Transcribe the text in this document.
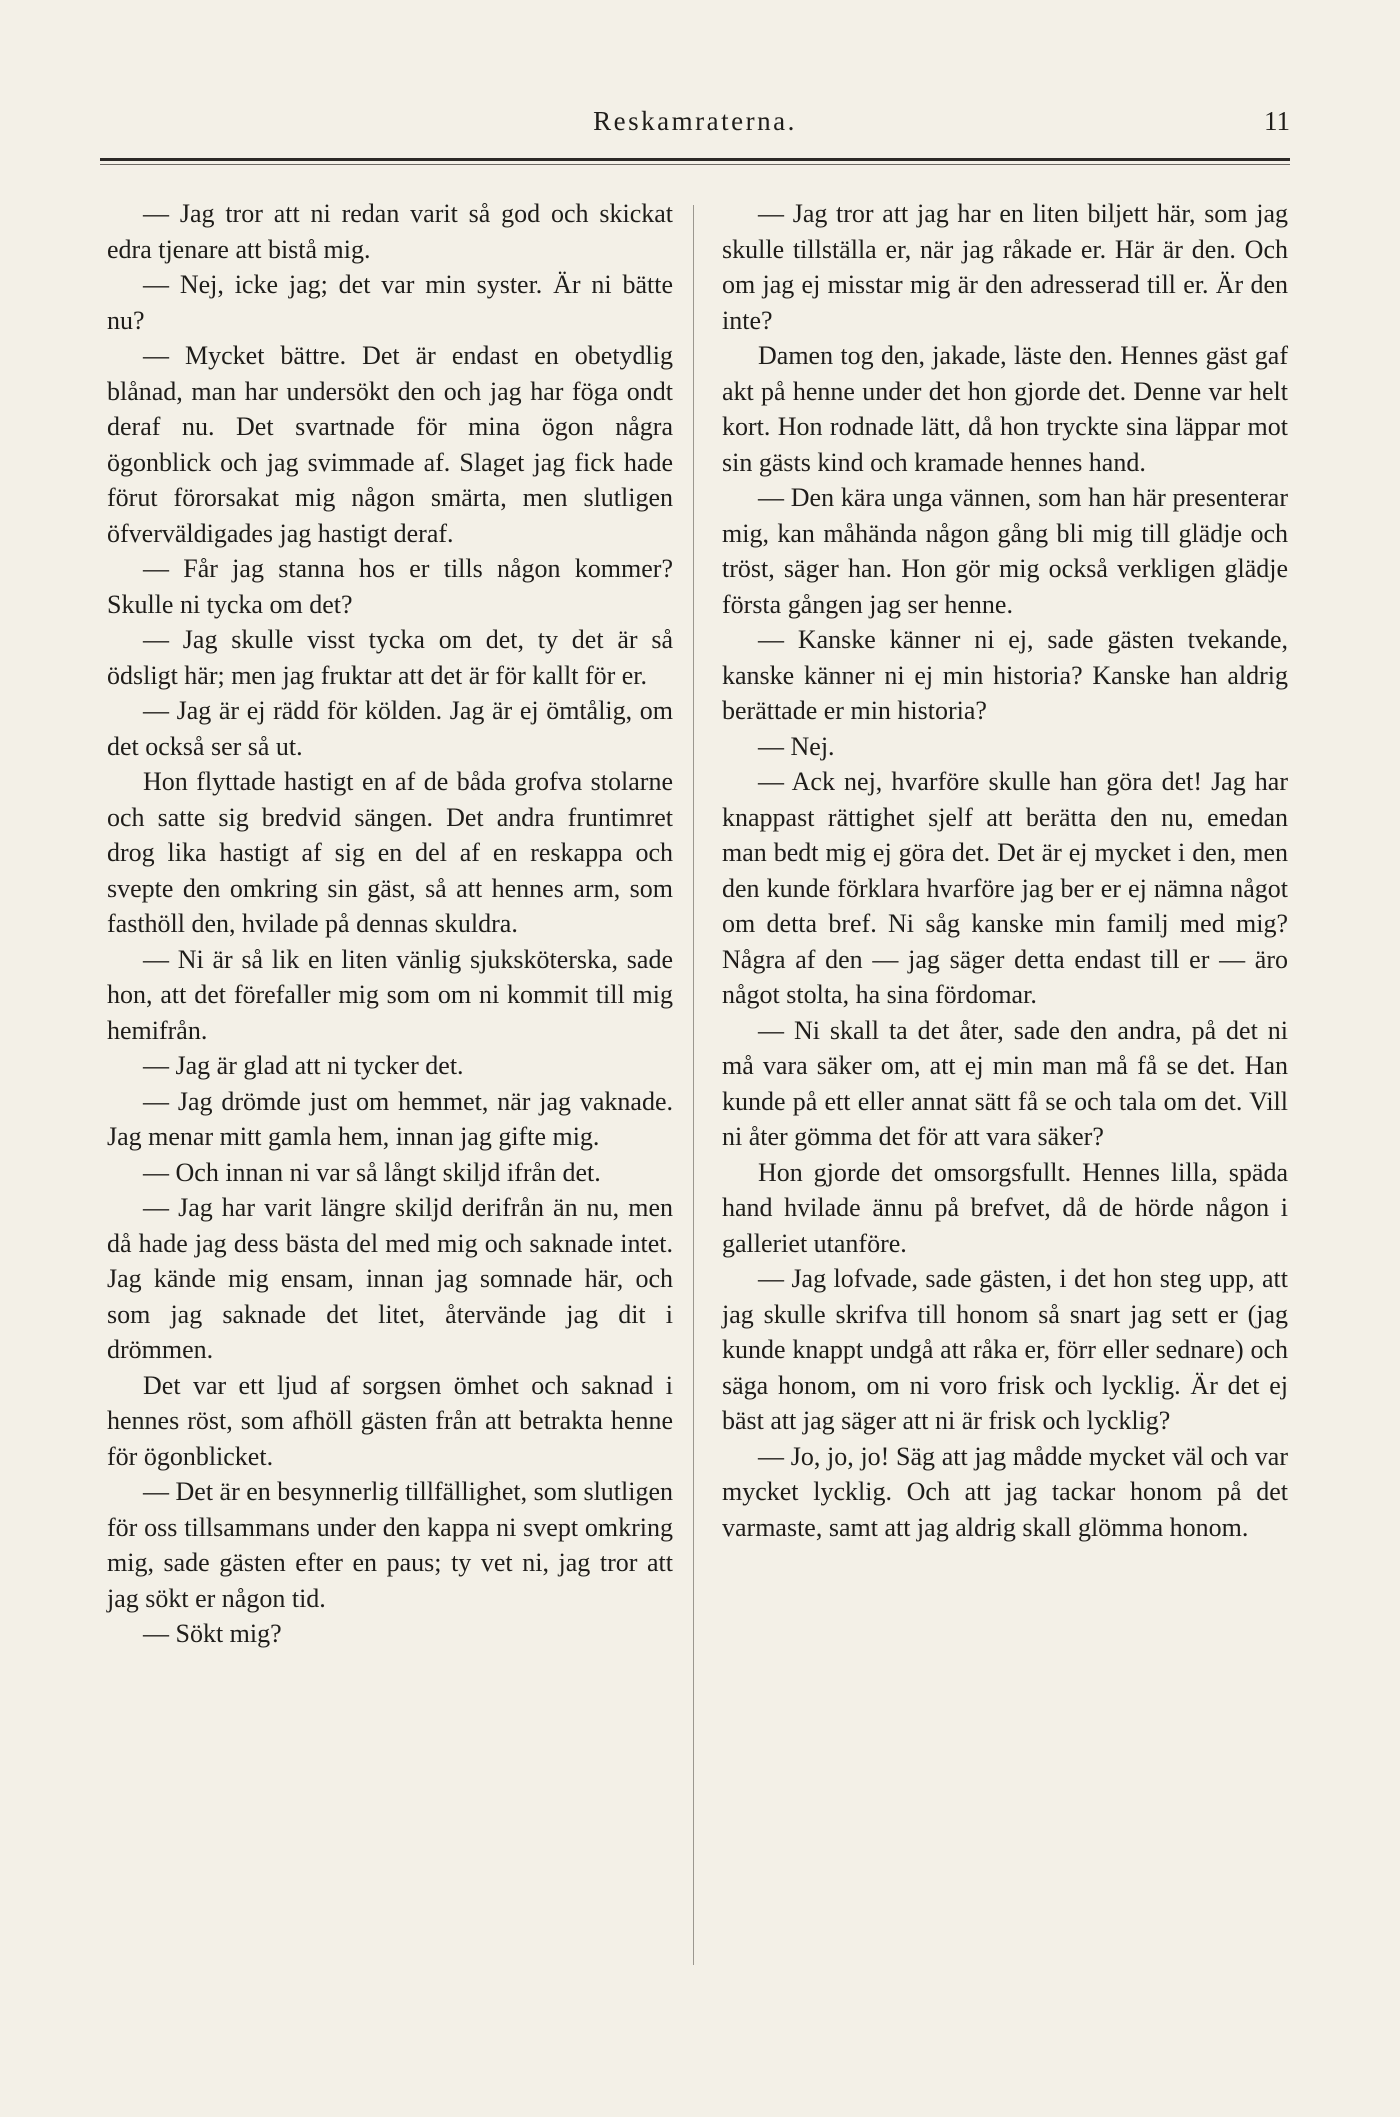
Reskamraterna.	11

— Jag tror att ni redan varit så god och skickat edra tjenare att bistå mig.

— Nej, icke jag; det var min syster. Är ni bätte nu?

— Mycket bättre. Det är endast en obetydlig blånad, man har undersökt den och jag har föga ondt deraf nu. Det svartnade för mina ögon några ögonblick och jag svimmade af. Slaget jag fick hade förut förorsakat mig någon smärta, men slutligen öfverväldigades jag hastigt deraf.

— Får jag stanna hos er tills någon kommer? Skulle ni tycka om det?

— Jag skulle visst tycka om det, ty det är så ödsligt här; men jag fruktar att det är för kallt för er.

— Jag är ej rädd för kölden. Jag är ej ömtålig, om det också ser så ut.

Hon flyttade hastigt en af de båda grofva stolarne och satte sig bredvid sängen. Det andra fruntimret drog lika hastigt af sig en del af en reskappa och svepte den omkring sin gäst, så att hennes arm, som fasthöll den, hvilade på dennas skuldra.

— Ni är så lik en liten vänlig sjuksköterska, sade hon, att det förefaller mig som om ni kommit till mig hemifrån.

— Jag är glad att ni tycker det.

— Jag drömde just om hemmet, när jag vaknade. Jag menar mitt gamla hem, innan jag gifte mig.

— Och innan ni var så långt skiljd ifrån det.

— Jag har varit längre skiljd derifrån än nu, men då hade jag dess bästa del med mig och saknade intet. Jag kände mig ensam, innan jag somnade här, och som jag saknade det litet, återvände jag dit i drömmen.

Det var ett ljud af sorgsen ömhet och saknad i hennes röst, som afhöll gästen från att betrakta henne för ögonblicket.

— Det är en besynnerlig tillfällighet, som slutligen för oss tillsammans under den kappa ni svept omkring mig, sade gästen efter en paus; ty vet ni, jag tror att jag sökt er någon tid.

— Sökt mig?

— Jag tror att jag har en liten biljett här, som jag skulle tillställa er, när jag råkade er. Här är den. Och om jag ej misstar mig är den adresserad till er. Är den inte?

Damen tog den, jakade, läste den. Hennes gäst gaf akt på henne under det hon gjorde det. Denne var helt kort. Hon rodnade lätt, då hon tryckte sina läppar mot sin gästs kind och kramade hennes hand.

— Den kära unga vännen, som han här presenterar mig, kan måhända någon gång bli mig till glädje och tröst, säger han. Hon gör mig också verkligen glädje första gången jag ser henne.

— Kanske känner ni ej, sade gästen tvekande, kanske känner ni ej min historia? Kanske han aldrig berättade er min historia?

— Nej.

— Ack nej, hvarföre skulle han göra det! Jag har knappast rättighet sjelf att berätta den nu, emedan man bedt mig ej göra det. Det är ej mycket i den, men den kunde förklara hvarföre jag ber er ej nämna något om detta bref. Ni såg kanske min familj med mig? Några af den — jag säger detta endast till er — äro något stolta, ha sina fördomar.

— Ni skall ta det åter, sade den andra, på det ni må vara säker om, att ej min man må få se det. Han kunde på ett eller annat sätt få se och tala om det. Vill ni åter gömma det för att vara säker?

Hon gjorde det omsorgsfullt. Hennes lilla, späda hand hvilade ännu på brefvet, då de hörde någon i galleriet utanföre.

— Jag lofvade, sade gästen, i det hon steg upp, att jag skulle skrifva till honom så snart jag sett er (jag kunde knappt undgå att råka er, förr eller sednare) och säga honom, om ni voro frisk och lycklig. Är det ej bäst att jag säger att ni är frisk och lycklig?

— Jo, jo, jo! Säg att jag mådde mycket väl och var mycket lycklig. Och att jag tackar honom på det varmaste, samt att jag aldrig skall glömma honom.
